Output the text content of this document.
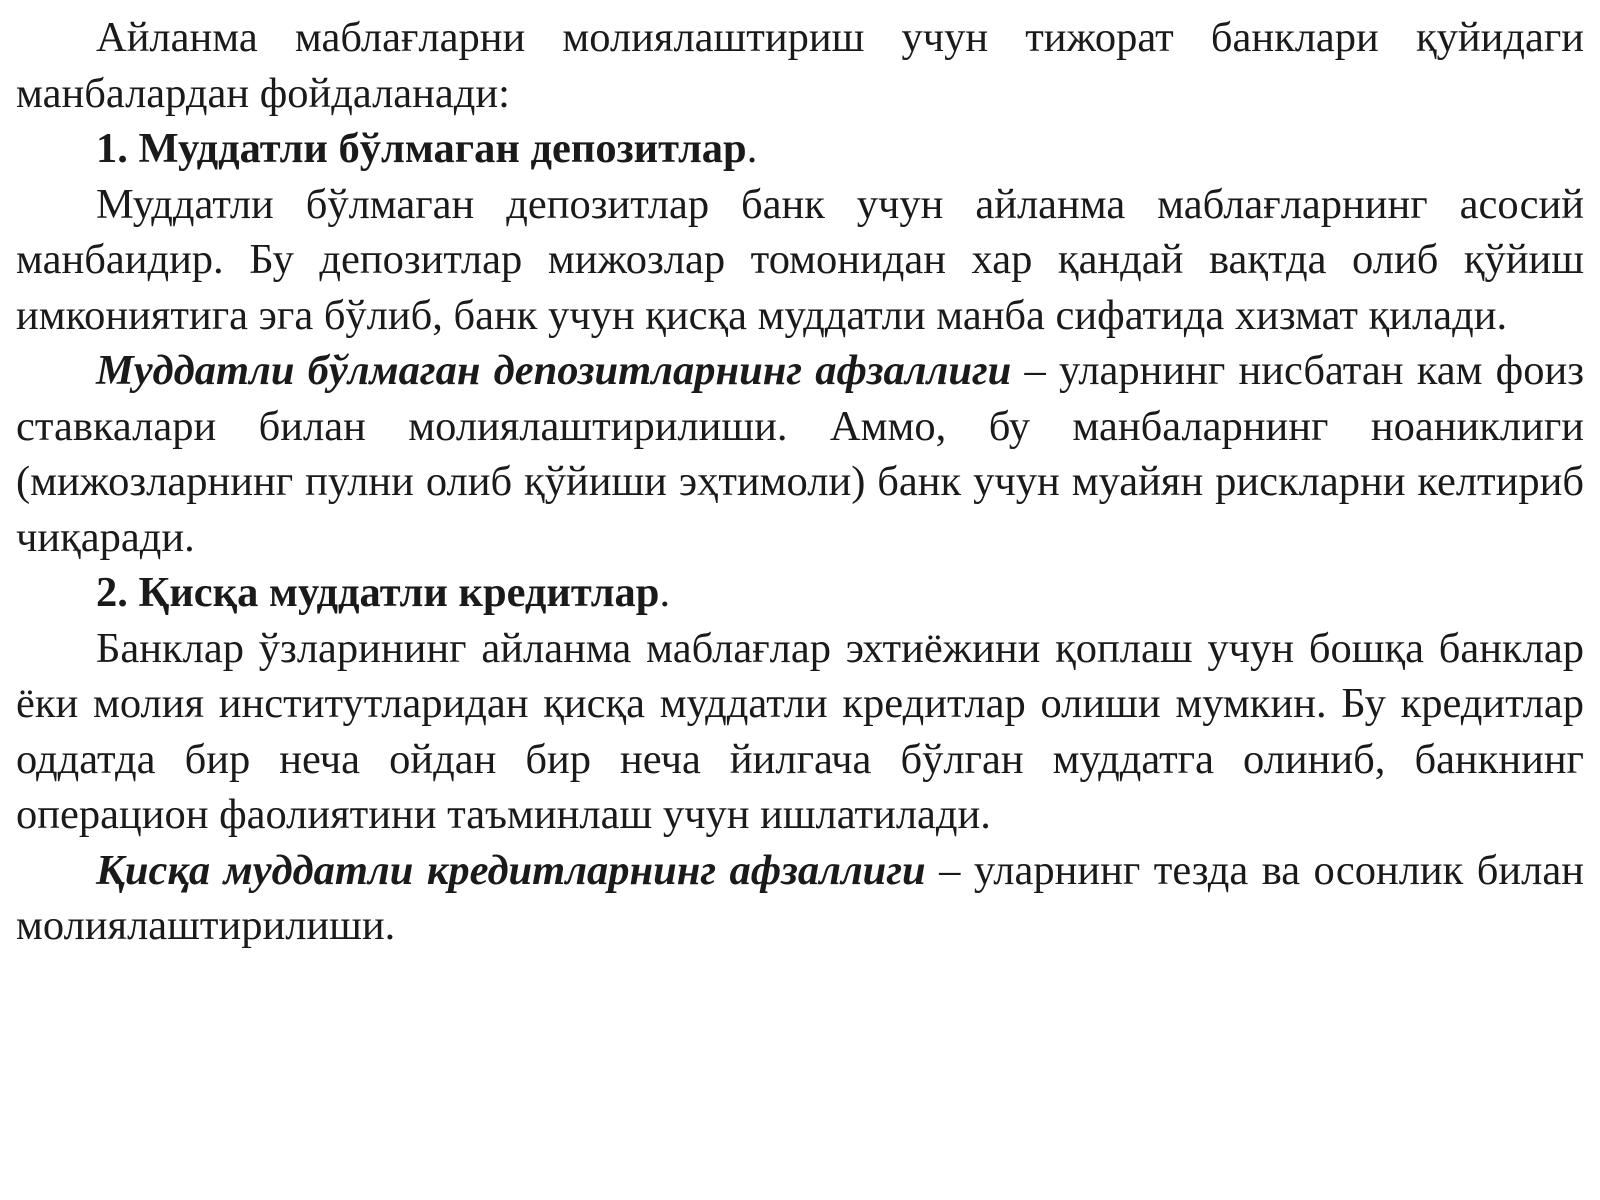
Айланма маблағларни молиялаштириш учун тижорат банклари қуйидаги манбалардан фойдаланади:

1. Муддатли бўлмаган депозитлар.

Муддатли бўлмаган депозитлар банк учун айланма маблағларнинг асосий манбаидир. Бу депозитлар мижозлар томонидан хар қандай вақтда олиб қўйиш имкониятига эга бўлиб, банк учун қисқа муддатли манба сифатида хизмат қилади.

Муддатли бўлмаган депозитларнинг афзаллиги – уларнинг нисбатан кам фоиз ставкалари билан молиялаштирилиши. Аммо, бу манбаларнинг ноаниклиги (мижозларнинг пулни олиб қўйиши эҳтимоли) банк учун муайян рискларни келтириб чиқаради.

2. Қисқа муддатли кредитлар.

Банклар ўзларининг айланма маблағлар эхтиёжини қоплаш учун бошқа банклар ёки молия институтларидан қисқа муддатли кредитлар олиши мумкин. Бу кредитлар оддатда бир неча ойдан бир неча йилгача бўлган муддатга олиниб, банкнинг операцион фаолиятини таъминлаш учун ишлатилади.

Қисқа муддатли кредитларнинг афзаллиги – уларнинг тезда ва осонлик билан молиялаштирилиши.
